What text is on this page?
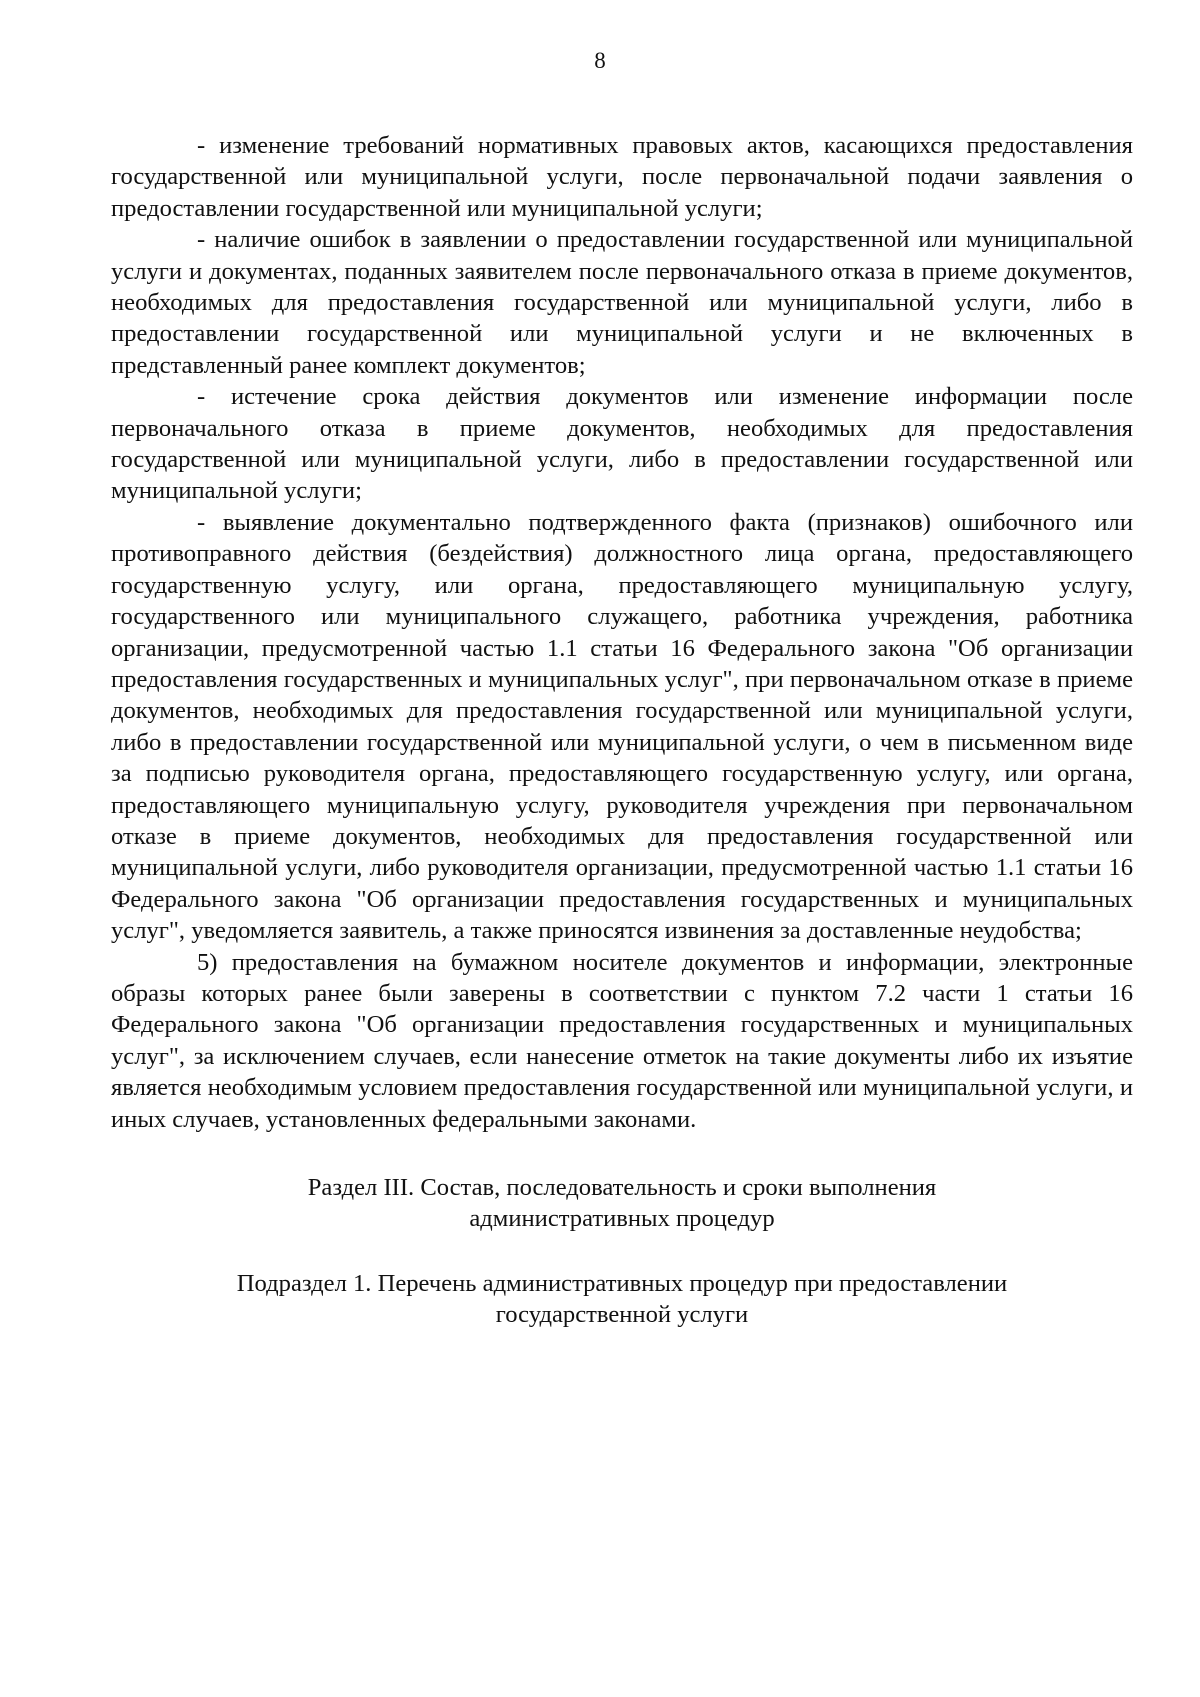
8

- изменение требований нормативных правовых актов, касающихся предоставления государственной или муниципальной услуги, после первоначальной подачи заявления о предоставлении государственной или муниципальной услуги;

- наличие ошибок в заявлении о предоставлении государственной или муниципальной услуги и документах, поданных заявителем после первоначального отказа в приеме документов, необходимых для предоставления государственной или муниципальной услуги, либо в предоставлении государственной или муниципальной услуги и не включенных в представленный ранее комплект документов;

- истечение срока действия документов или изменение информации после первоначального отказа в приеме документов, необходимых для предоставления государственной или муниципальной услуги, либо в предоставлении государственной или муниципальной услуги;

- выявление документально подтвержденного факта (признаков) ошибочного или противоправного действия (бездействия) должностного лица органа, предоставляющего государственную услугу, или органа, предоставляющего муниципальную услугу, государственного или муниципального служащего, работника учреждения, работника организации, предусмотренной частью 1.1 статьи 16 Федерального закона "Об организации предоставления государственных и муниципальных услуг", при первоначальном отказе в приеме документов, необходимых для предоставления государственной или муниципальной услуги, либо в предоставлении государственной или муниципальной услуги, о чем в письменном виде за подписью руководителя органа, предоставляющего государственную услугу, или органа, предоставляющего муниципальную услугу, руководителя учреждения при первоначальном отказе в приеме документов, необходимых для предоставления государственной или муниципальной услуги, либо руководителя организации, предусмотренной частью 1.1 статьи 16 Федерального закона "Об организации предоставления государственных и муниципальных услуг", уведомляется заявитель, а также приносятся извинения за доставленные неудобства;

5) предоставления на бумажном носителе документов и информации, электронные образы которых ранее были заверены в соответствии с пунктом 7.2 части 1 статьи 16 Федерального закона "Об организации предоставления государственных и муниципальных услуг", за исключением случаев, если нанесение отметок на такие документы либо их изъятие является необходимым условием предоставления государственной или муниципальной услуги, и иных случаев, установленных федеральными законами.

Раздел III. Состав, последовательность и сроки выполнения
административных процедур
Подраздел 1. Перечень административных процедур при предоставлении
государственной услуги
